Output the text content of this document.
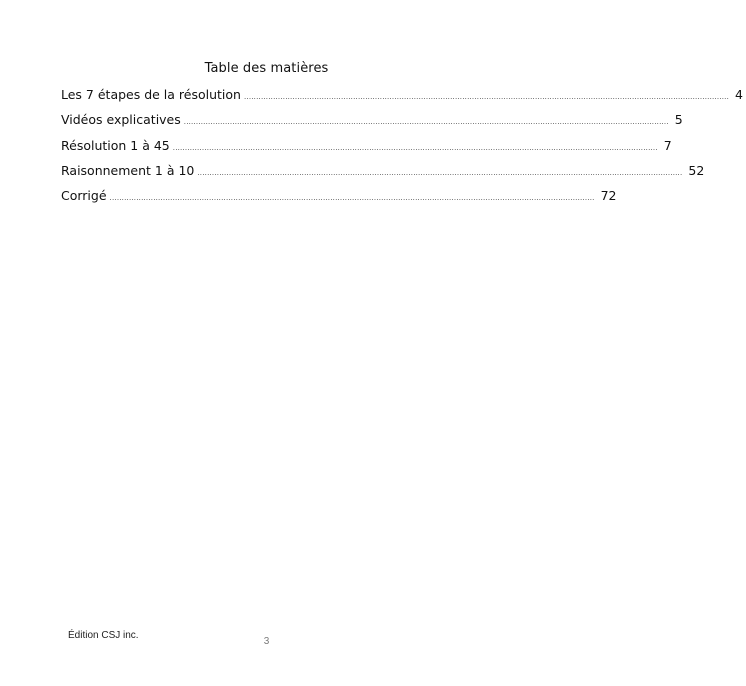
Table des matières
Les 7 étapes de la résolution ........................................................................................................................................................................................................ 4
Vidéos explicatives ........................................................................................................................................................................................................ 5
Résolution 1 à 45 ........................................................................................................................................................................................................ 7
Raisonnement 1 à 10 ........................................................................................................................................................................................................ 52
Corrigé ........................................................................................................................................................................................................ 72
Édition CSJ inc.
3
